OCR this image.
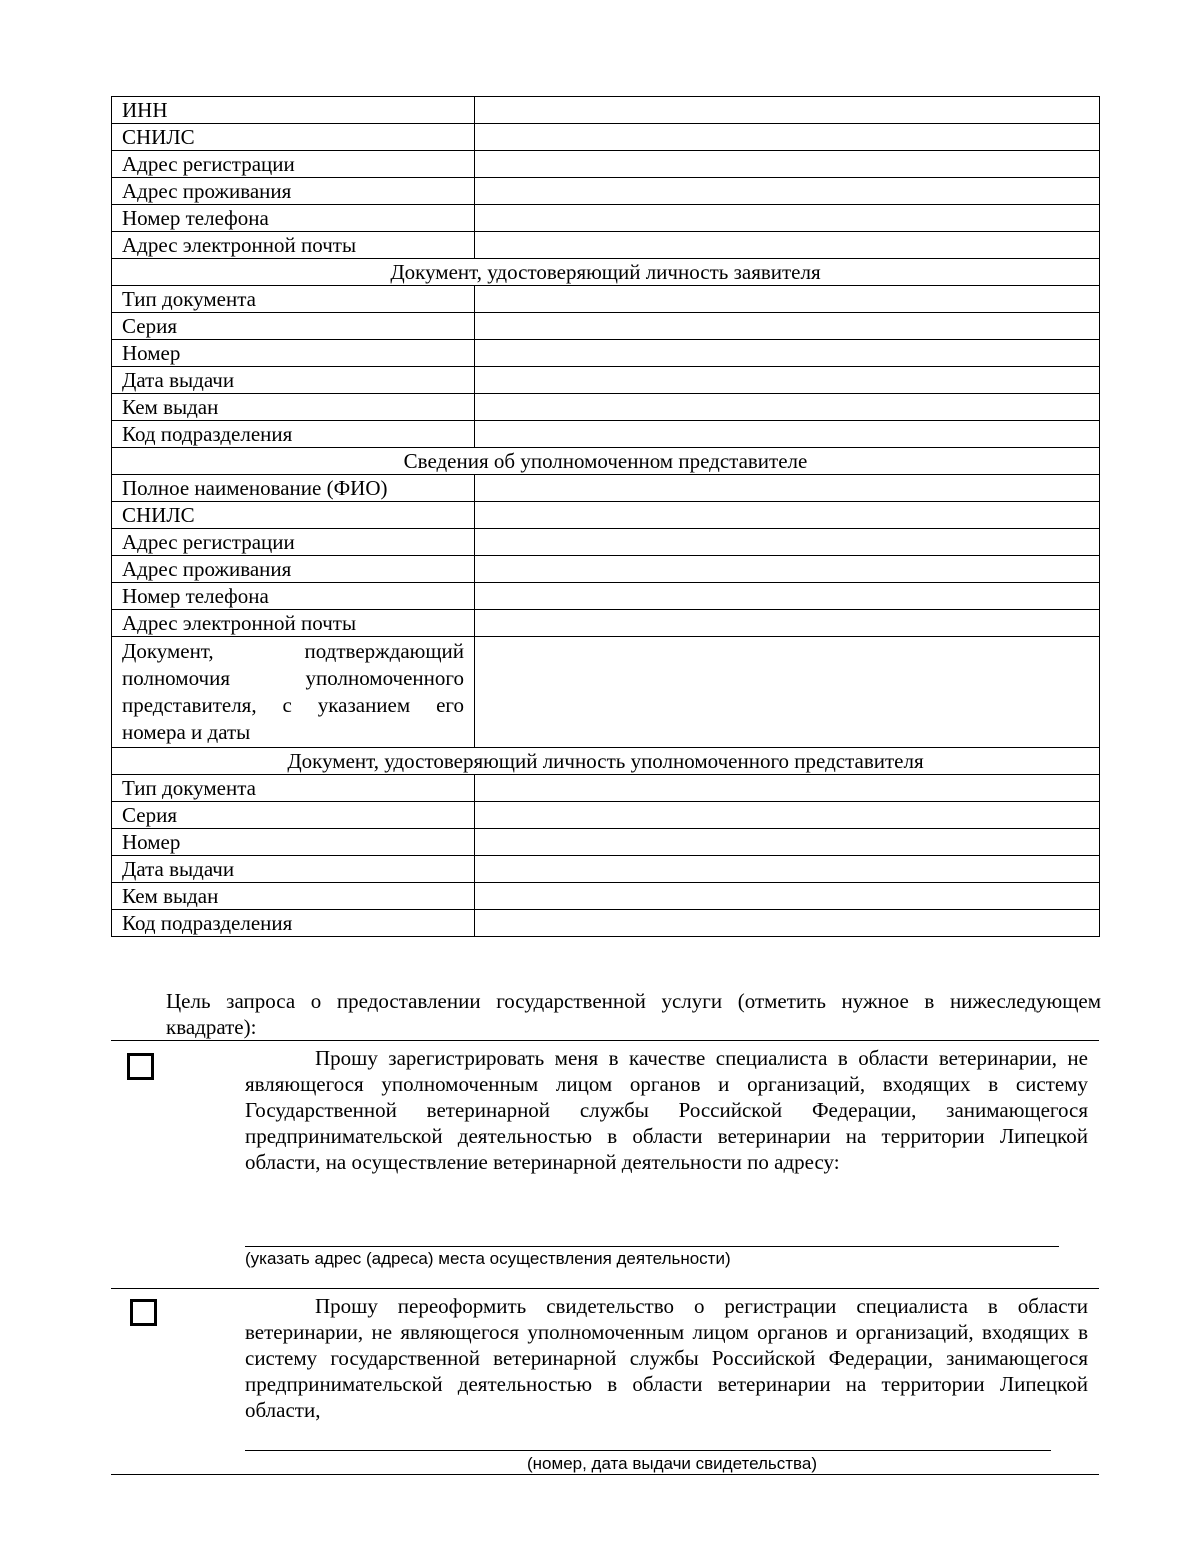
ИНН	
СНИЛС	
Адрес регистрации	
Адрес проживания	
Номер телефона	
Адрес электронной почты	
Документ, удостоверяющий личность заявителя	
Тип документа	
Серия	
Номер	
Дата выдачи	
Кем выдан	
Код подразделения	
Сведения об уполномоченном представителе	
Полное наименование (ФИО)	
СНИЛС	
Адрес регистрации	
Адрес проживания	
Номер телефона	
Адрес электронной почты	
Документ, подтверждающий полномочия уполномоченного представителя, с указанием его номера и даты	
Документ, удостоверяющий личность уполномоченного представителя	
Тип документа	
Серия	
Номер	
Дата выдачи	
Кем выдан	
Код подразделения	

Цель запроса о предоставлении государственной услуги (отметить нужное в нижеследующем квадрате):

Прошу зарегистрировать меня в качестве специалиста в области ветеринарии, не являющегося уполномоченным лицом органов и организаций, входящих в систему Государственной ветеринарной службы Российской Федерации, занимающегося предпринимательской деятельностью в области ветеринарии на территории Липецкой области, на осуществление ветеринарной деятельности по адресу:

(указать адрес (адреса) места осуществления деятельности)

Прошу переоформить свидетельство о регистрации специалиста в области ветеринарии, не являющегося уполномоченным лицом органов и организаций, входящих в систему государственной ветеринарной службы Российской Федерации, занимающегося предпринимательской деятельностью в области ветеринарии на территории Липецкой области,

(номер, дата выдачи свидетельства)
